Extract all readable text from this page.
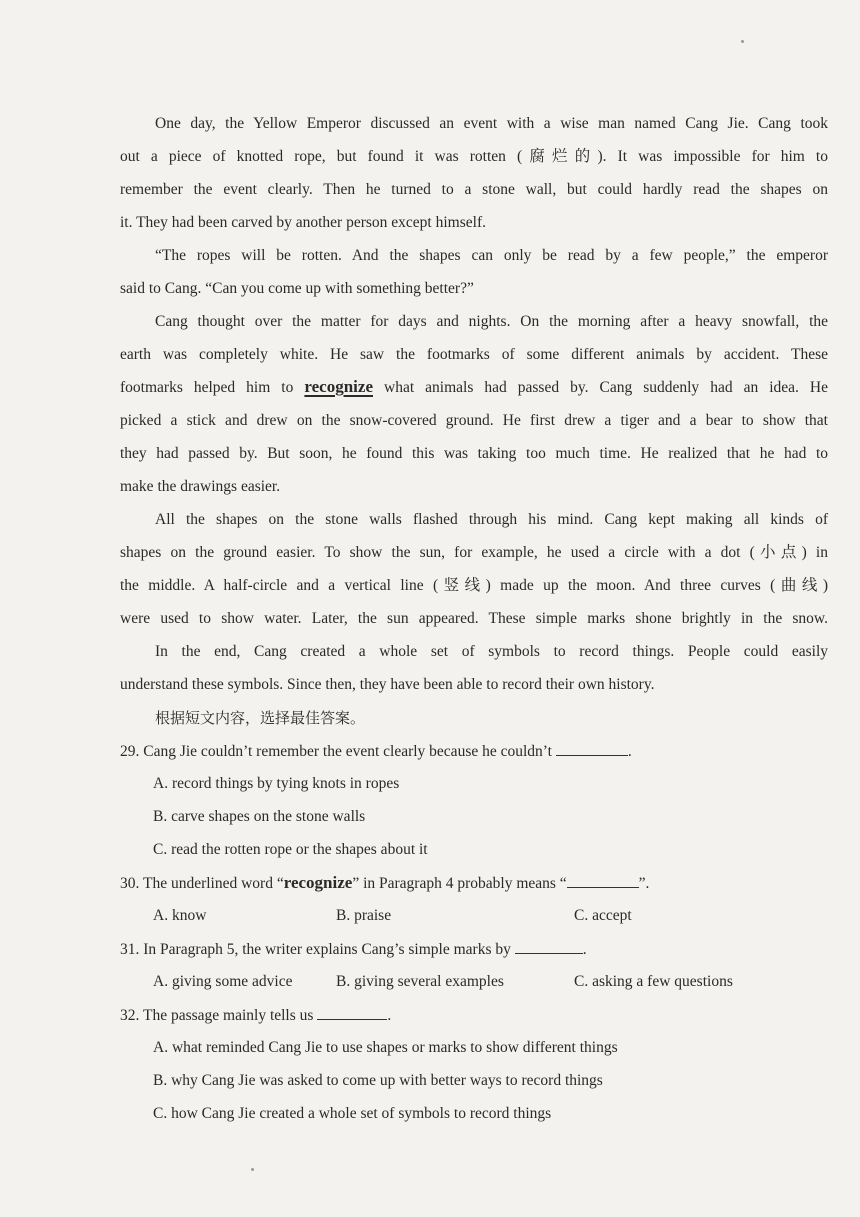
One day, the Yellow Emperor discussed an event with a wise man named Cang Jie. Cang took
out a piece of knotted rope, but found it was rotten (腐烂的). It was impossible for him to
remember the event clearly. Then he turned to a stone wall, but could hardly read the shapes on
it. They had been carved by another person except himself.
“The ropes will be rotten. And the shapes can only be read by a few people,” the emperor
said to Cang. “Can you come up with something better?”
Cang thought over the matter for days and nights. On the morning after a heavy snowfall, the
earth was completely white. He saw the footmarks of some different animals by accident. These
footmarks helped him to recognize what animals had passed by. Cang suddenly had an idea. He
picked a stick and drew on the snow-covered ground. He first drew a tiger and a bear to show that
they had passed by. But soon, he found this was taking too much time. He realized that he had to
make the drawings easier.
All the shapes on the stone walls flashed through his mind. Cang kept making all kinds of
shapes on the ground easier. To show the sun, for example, he used a circle with a dot (小点) in
the middle. A half-circle and a vertical line (竖线) made up the moon. And three curves (曲线)
were used to show water. Later, the sun appeared. These simple marks shone brightly in the snow.
In the end, Cang created a whole set of symbols to record things. People could easily
understand these symbols. Since then, they have been able to record their own history.
根据短文内容，选择最佳答案。
29. Cang Jie couldn’t remember the event clearly because he couldn’t	.
A. record things by tying knots in ropes
B. carve shapes on the stone walls
C. read the rotten rope or the shapes about it
30. The underlined word “recognize” in Paragraph 4 probably means “	”.
A. know	B. praise	C. accept
31. In Paragraph 5, the writer explains Cang’s simple marks by	.
A. giving some advice	B. giving several examples	C. asking a few questions
32. The passage mainly tells us	.
A. what reminded Cang Jie to use shapes or marks to show different things
B. why Cang Jie was asked to come up with better ways to record things
C. how Cang Jie created a whole set of symbols to record things
